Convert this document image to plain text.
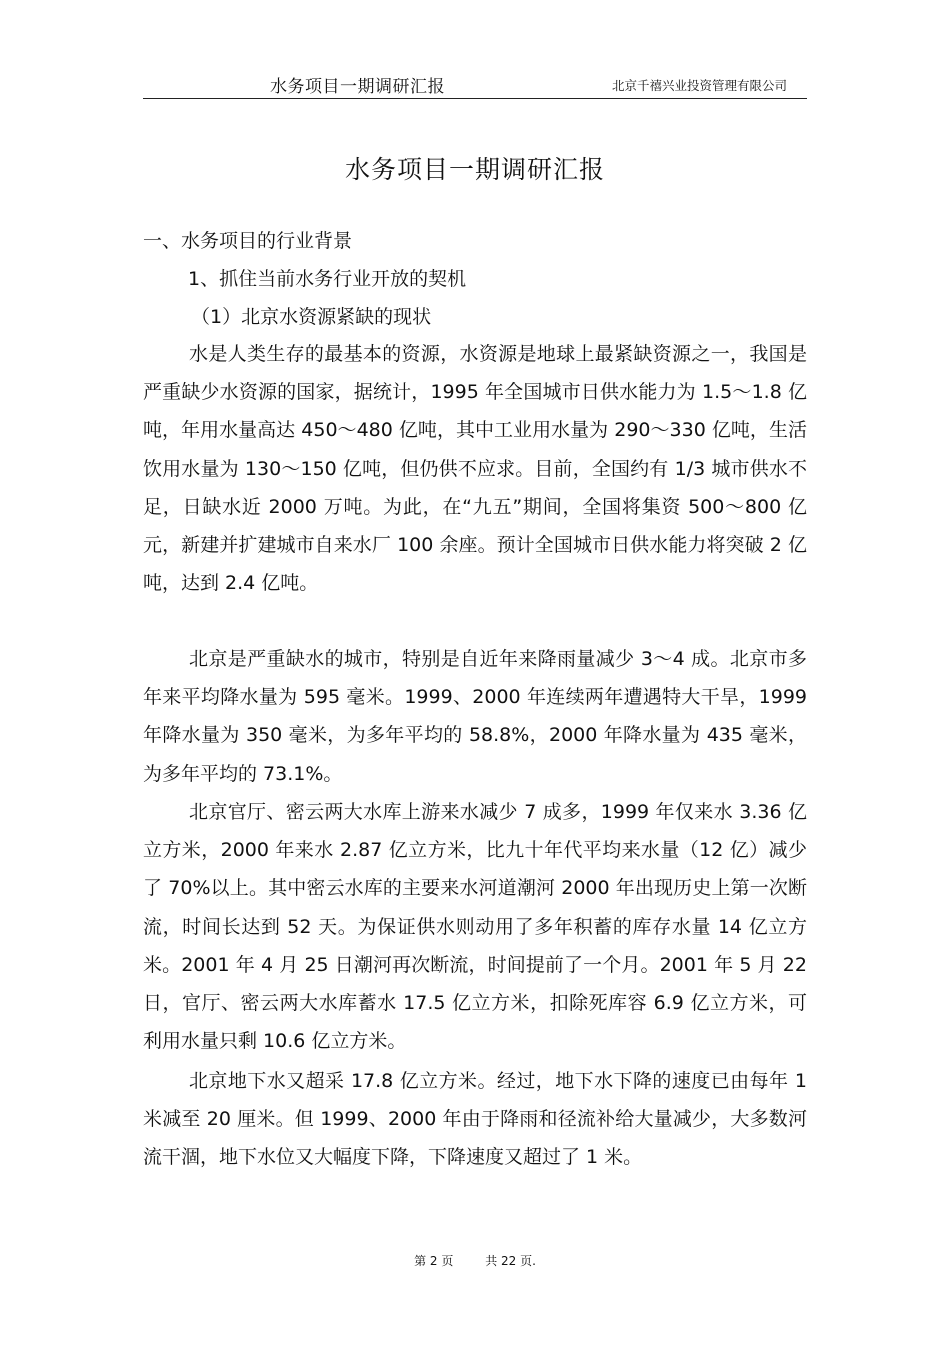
水务项目一期调研汇报	北京千禧兴业投资管理有限公司
水务项目一期调研汇报
一、水务项目的行业背景
1、抓住当前水务行业开放的契机
（1）北京水资源紧缺的现状

水是人类生存的最基本的资源，水资源是地球上最紧缺资源之一，我国是严重缺少水资源的国家，据统计，1995 年全国城市日供水能力为 1.5～1.8 亿吨，年用水量高达 450～480 亿吨，其中工业用水量为 290～330 亿吨，生活饮用水量为 130～150 亿吨，但仍供不应求。目前，全国约有 1/3 城市供水不足，日缺水近 2000 万吨。为此，在“九五”期间，全国将集资 500～800 亿元，新建并扩建城市自来水厂 100 余座。预计全国城市日供水能力将突破 2 亿吨，达到 2.4 亿吨。

北京是严重缺水的城市，特别是自近年来降雨量减少 3～4 成。北京市多年来平均降水量为 595 毫米。1999、2000 年连续两年遭遇特大干旱，1999 年降水量为 350 毫米，为多年平均的 58.8%，2000 年降水量为 435 毫米，为多年平均的 73.1%。

北京官厅、密云两大水库上游来水减少 7 成多，1999 年仅来水 3.36 亿立方米，2000 年来水 2.87 亿立方米，比九十年代平均来水量（12 亿）减少了 70%以上。其中密云水库的主要来水河道潮河 2000 年出现历史上第一次断流，时间长达到 52 天。为保证供水则动用了多年积蓄的库存水量 14 亿立方米。2001 年 4 月 25 日潮河再次断流，时间提前了一个月。2001 年 5 月 22 日，官厅、密云两大水库蓄水 17.5 亿立方米，扣除死库容 6.9 亿立方米，可利用水量只剩 10.6 亿立方米。

北京地下水又超采 17.8 亿立方米。经过，地下水下降的速度已由每年 1 米减至 20 厘米。但 1999、2000 年由于降雨和径流补给大量减少，大多数河流干涸，地下水位又大幅度下降，下降速度又超过了 1 米。

第 2 页	共 22 页.
